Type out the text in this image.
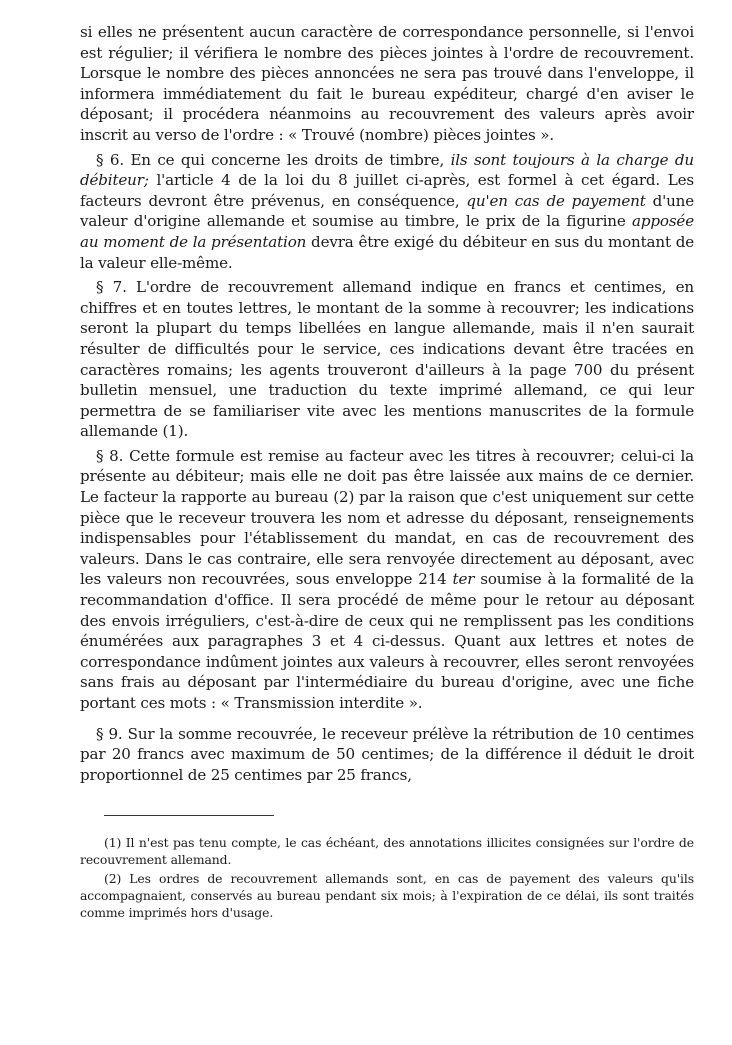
si elles ne présentent aucun caractère de correspondance personnelle, si l'envoi est régulier; il vérifiera le nombre des pièces jointes à l'ordre de recouvrement. Lorsque le nombre des pièces annoncées ne sera pas trouvé dans l'enveloppe, il informera immédiatement du fait le bureau expéditeur, chargé d'en aviser le déposant; il procédera néanmoins au recouvrement des valeurs après avoir inscrit au verso de l'ordre : « Trouvé (nombre) pièces jointes ».

§ 6. En ce qui concerne les droits de timbre, ils sont toujours à la charge du débiteur; l'article 4 de la loi du 8 juillet ci-après, est formel à cet égard. Les facteurs devront être prévenus, en conséquence, qu'en cas de payement d'une valeur d'origine allemande et soumise au timbre, le prix de la figurine apposée au moment de la présentation devra être exigé du débiteur en sus du montant de la valeur elle-même.

§ 7. L'ordre de recouvrement allemand indique en francs et centimes, en chiffres et en toutes lettres, le montant de la somme à recouvrer; les indications seront la plupart du temps libellées en langue allemande, mais il n'en saurait résulter de difficultés pour le service, ces indications devant être tracées en caractères romains; les agents trouveront d'ailleurs à la page 700 du présent bulletin mensuel, une traduction du texte imprimé allemand, ce qui leur permettra de se familiariser vite avec les mentions manuscrites de la formule allemande (1).

§ 8. Cette formule est remise au facteur avec les titres à recouvrer; celui-ci la présente au débiteur; mais elle ne doit pas être laissée aux mains de ce dernier. Le facteur la rapporte au bureau (2) par la raison que c'est uniquement sur cette pièce que le receveur trouvera les nom et adresse du déposant, renseignements indispensables pour l'établissement du mandat, en cas de recouvrement des valeurs. Dans le cas contraire, elle sera renvoyée directement au déposant, avec les valeurs non recouvrées, sous enveloppe 214 ter soumise à la formalité de la recommandation d'office. Il sera procédé de même pour le retour au déposant des envois irréguliers, c'est-à-dire de ceux qui ne remplissent pas les conditions énumérées aux paragraphes 3 et 4 ci-dessus. Quant aux lettres et notes de correspondance indûment jointes aux valeurs à recouvrer, elles seront renvoyées sans frais au déposant par l'intermédiaire du bureau d'origine, avec une fiche portant ces mots : « Transmission interdite ».

§ 9. Sur la somme recouvrée, le receveur prélève la rétribution de 10 centimes par 20 francs avec maximum de 50 centimes; de la différence il déduit le droit proportionnel de 25 centimes par 25 francs,

(1) Il n'est pas tenu compte, le cas échéant, des annotations illicites consignées sur l'ordre de recouvrement allemand.

(2) Les ordres de recouvrement allemands sont, en cas de payement des valeurs qu'ils accompagnaient, conservés au bureau pendant six mois; à l'expiration de ce délai, ils sont traités comme imprimés hors d'usage.
